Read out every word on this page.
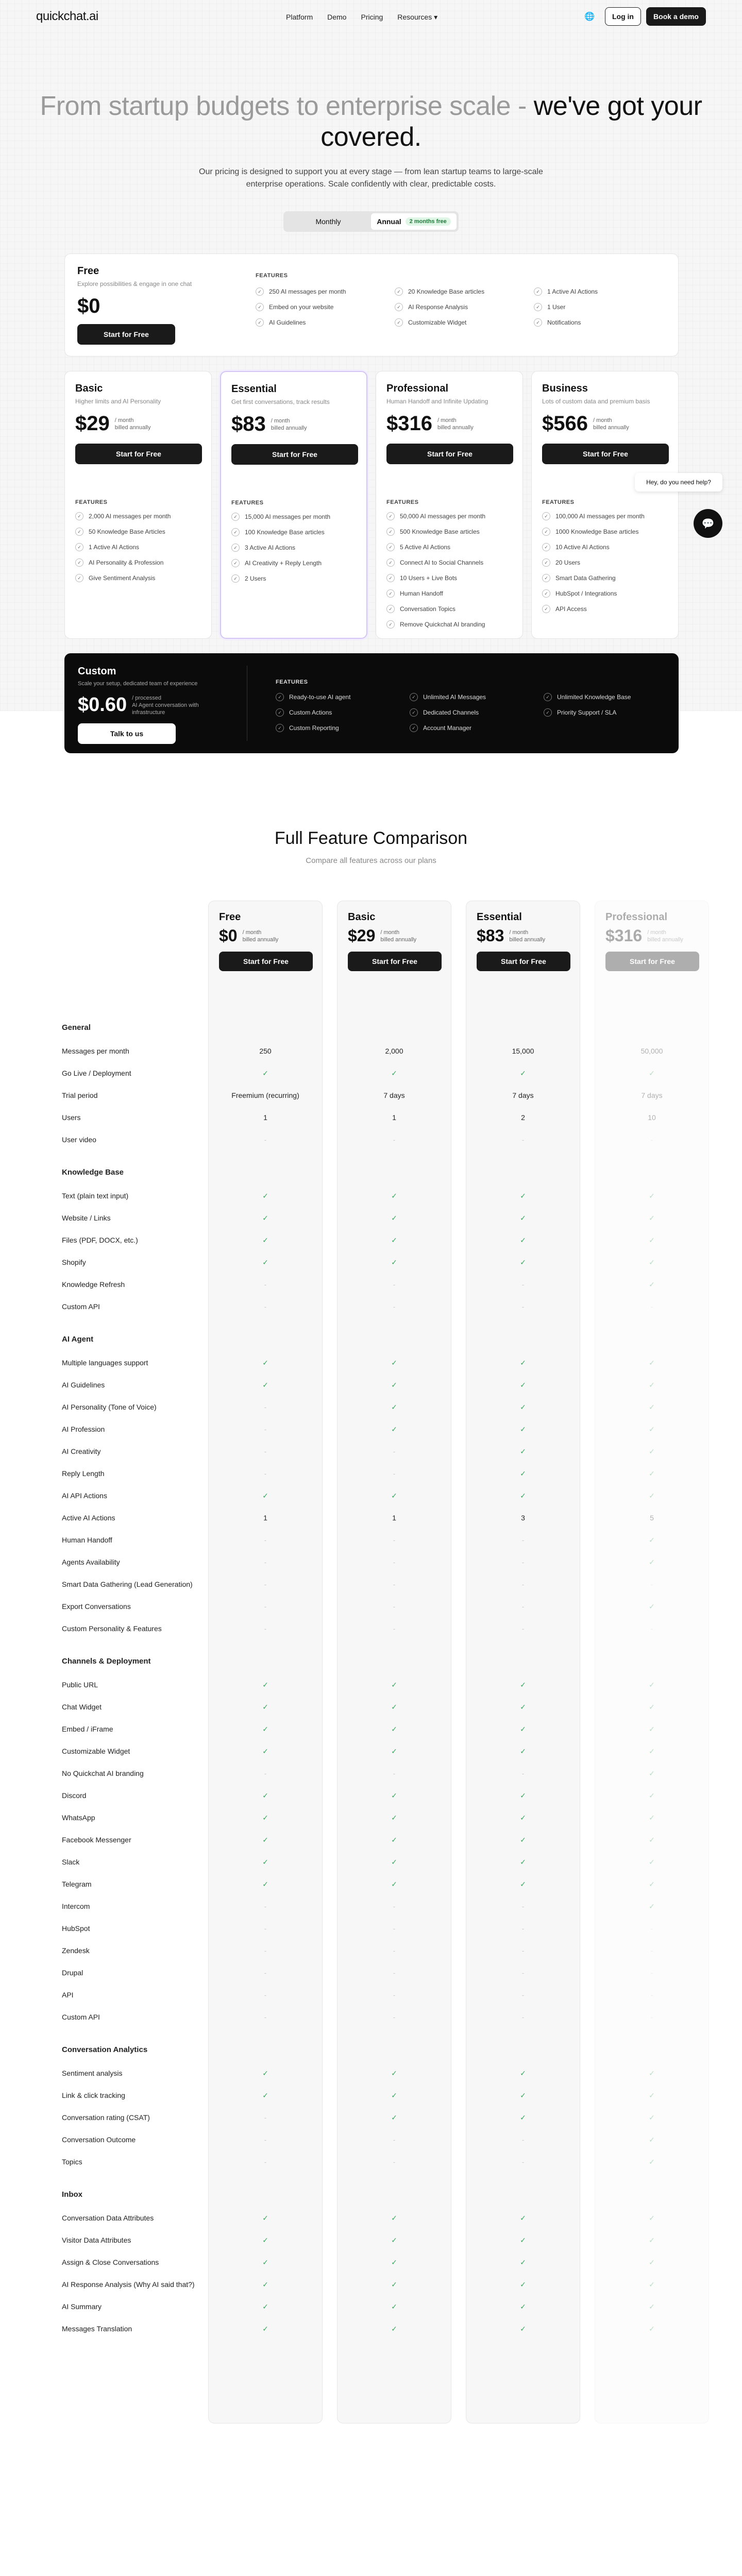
quickchat.ai	Platform Demo Pricing Resources ▾	🌐	Log in	Book a demo
From startup budgets to enterprise scale - we've got your covered.
Our pricing is designed to support you at every stage — from lean startup teams to large-scale enterprise operations. Scale confidently with clear, predictable costs.
Monthly	Annual	2 months free
Free
Explore possibilities & engage in one chat
$0
Start for Free
FEATURES
✓	250 AI messages per month	✓	20 Knowledge Base articles	✓	1 Active AI Actions
✓	Embed on your website	✓	AI Response Analysis	✓	1 User
✓	AI Guidelines	✓	Customizable Widget	✓	Notifications
Basic
Higher limits and AI Personality
$29 / month
billed annually
Start for Free
FEATURES
✓	2,000 AI messages per month
✓	50 Knowledge Base Articles
✓	1 Active AI Actions
✓	AI Personality & Profession
✓	Give Sentiment Analysis
Essential
Get first conversations, track results
$83 / month
billed annually
Start for Free
FEATURES
✓	15,000 AI messages per month
✓	100 Knowledge Base articles
✓	3 Active AI Actions
✓	AI Creativity + Reply Length
✓	2 Users
Professional
Human Handoff and Infinite Updating
$316 / month
billed annually
Start for Free
FEATURES
✓	50,000 AI messages per month
✓	500 Knowledge Base articles
✓	5 Active AI Actions
✓	Connect AI to Social Channels
✓	10 Users + Live Bots
✓	Human Handoff
✓	Conversation Topics
✓	Remove Quickchat AI branding
Business
Lots of custom data and premium basis
$566 / month
billed annually
Start for Free
FEATURES
✓	100,000 AI messages per month
✓	1000 Knowledge Base articles
✓	10 Active AI Actions
✓	20 Users
✓	Smart Data Gathering
✓	HubSpot / Integrations
✓	API Access
Custom
Scale your setup, dedicated team of experience
$0.60 / processed
AI Agent conversation with infrastructure
Talk to us
FEATURES
✓	Ready-to-use AI agent	✓	Unlimited AI Messages	✓	Unlimited Knowledge Base
✓	Custom Actions	✓	Dedicated Channels	✓	Priority Support / SLA
✓	Custom Reporting	✓	Account Manager
Hey, do you need help?
💬
Full Feature Comparison
Compare all features across our plans
Free
$0 / month
billed annually
Start for Free
Basic
$29 / month
billed annually
Start for Free
Essential
$83 / month
billed annually
Start for Free
Professional
$316 / month
billed annually
Start for Free
General
Messages per month	250	2,000	15,000	50,000
Go Live / Deployment	✓	✓	✓	✓
Trial period	Freemium (recurring)	7 days	7 days	7 days
Users	1	1	2	10
User video	-	-	-	-
Knowledge Base
Text (plain text input)	✓	✓	✓	✓
Website / Links	✓	✓	✓	✓
Files (PDF, DOCX, etc.)	✓	✓	✓	✓
Shopify	✓	✓	✓	✓
Knowledge Refresh	-	-	-	✓
Custom API	-	-	-	-
AI Agent
Multiple languages support	✓	✓	✓	✓
AI Guidelines	✓	✓	✓	✓
AI Personality (Tone of Voice)	-	✓	✓	✓
AI Profession	-	✓	✓	✓
AI Creativity	-	-	✓	✓
Reply Length	-	-	✓	✓
AI API Actions	✓	✓	✓	✓
Active AI Actions	1	1	3	5
Human Handoff	-	-	-	✓
Agents Availability	-	-	-	✓
Smart Data Gathering (Lead Generation)	-	-	-	-
Export Conversations	-	-	-	✓
Custom Personality & Features	-	-	-	-
Channels & Deployment
Public URL	✓	✓	✓	✓
Chat Widget	✓	✓	✓	✓
Embed / iFrame	✓	✓	✓	✓
Customizable Widget	✓	✓	✓	✓
No Quickchat AI branding	-	-	-	✓
Discord	✓	✓	✓	✓
WhatsApp	✓	✓	✓	✓
Facebook Messenger	✓	✓	✓	✓
Slack	✓	✓	✓	✓
Telegram	✓	✓	✓	✓
Intercom	-	-	-	✓
HubSpot	-	-	-	-
Zendesk	-	-	-	-
Drupal	-	-	-	-
API	-	-	-	-
Custom API	-	-	-	-
Conversation Analytics
Sentiment analysis	✓	✓	✓	✓
Link & click tracking	✓	✓	✓	✓
Conversation rating (CSAT)	-	✓	✓	✓
Conversation Outcome	-	-	-	✓
Topics	-	-	-	✓
Inbox
Conversation Data Attributes	✓	✓	✓	✓
Visitor Data Attributes	✓	✓	✓	✓
Assign & Close Conversations	✓	✓	✓	✓
AI Response Analysis (Why AI said that?)	✓	✓	✓	✓
AI Summary	✓	✓	✓	✓
Messages Translation	✓	✓	✓	✓
